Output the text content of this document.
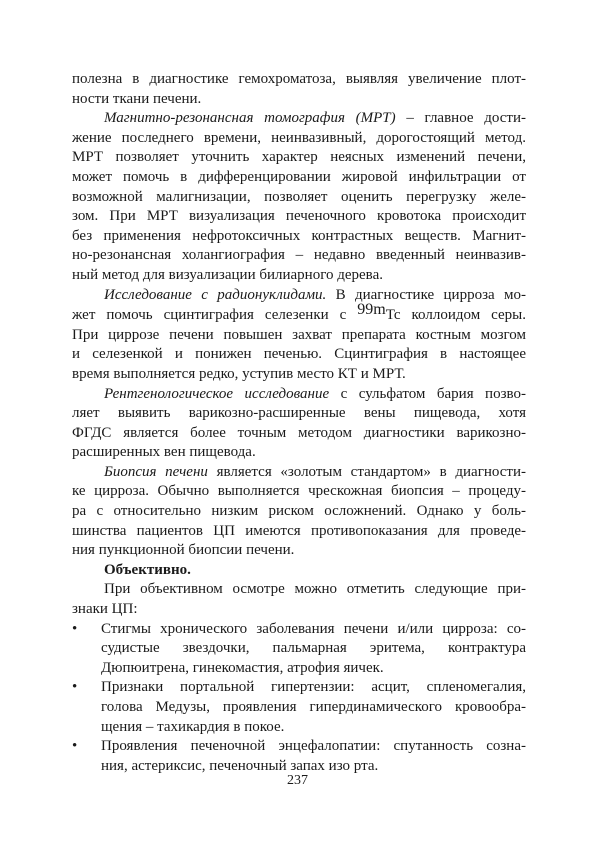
полезна в диагностике гемохроматоза, выявляя увеличение плот-
ности ткани печени.
Магнитно-резонансная томография (МРТ) – главное дости-
жение последнего времени, неинвазивный, дорогостоящий метод.
МРТ позволяет уточнить характер неясных изменений печени,
может помочь в дифференцировании жировой инфильтрации от
возможной малигнизации, позволяет оценить перегрузку желе-
зом. При МРТ визуализация печеночного кровотока происходит
без применения нефротоксичных контрастных веществ. Магнит-
но-резонансная холангиография – недавно введенный неинвазив-
ный метод для визуализации билиарного дерева.
Исследование с радионуклидами. В диагностике цирроза мо-
жет помочь сцинтиграфия селезенки с 99mTc коллоидом серы.
При циррозе печени повышен захват препарата костным мозгом
и селезенкой и понижен печенью. Сцинтиграфия в настоящее
время выполняется редко, уступив место КТ и МРТ.
Рентгенологическое исследование с сульфатом бария позво-
ляет выявить варикозно-расширенные вены пищевода, хотя
ФГДС является более точным методом диагностики варикозно-
расширенных вен пищевода.
Биопсия печени является «золотым стандартом» в диагности-
ке цирроза. Обычно выполняется чрескожная биопсия – процеду-
ра с относительно низким риском осложнений. Однако у боль-
шинства пациентов ЦП имеются противопоказания для проведе-
ния пункционной биопсии печени.
Объективно.
При объективном осмотре можно отметить следующие при-
знаки ЦП:
• Стигмы хронического заболевания печени и/или цирроза: со-
судистые звездочки, пальмарная эритема, контрактура
Дюпюитрена, гинекомастия, атрофия яичек.
• Признаки портальной гипертензии: асцит, спленомегалия,
голова Медузы, проявления гипердинамического кровообра-
щения – тахикардия в покое.
• Проявления печеночной энцефалопатии: спутанность созна-
ния, астериксис, печеночный запах изо рта.
237
